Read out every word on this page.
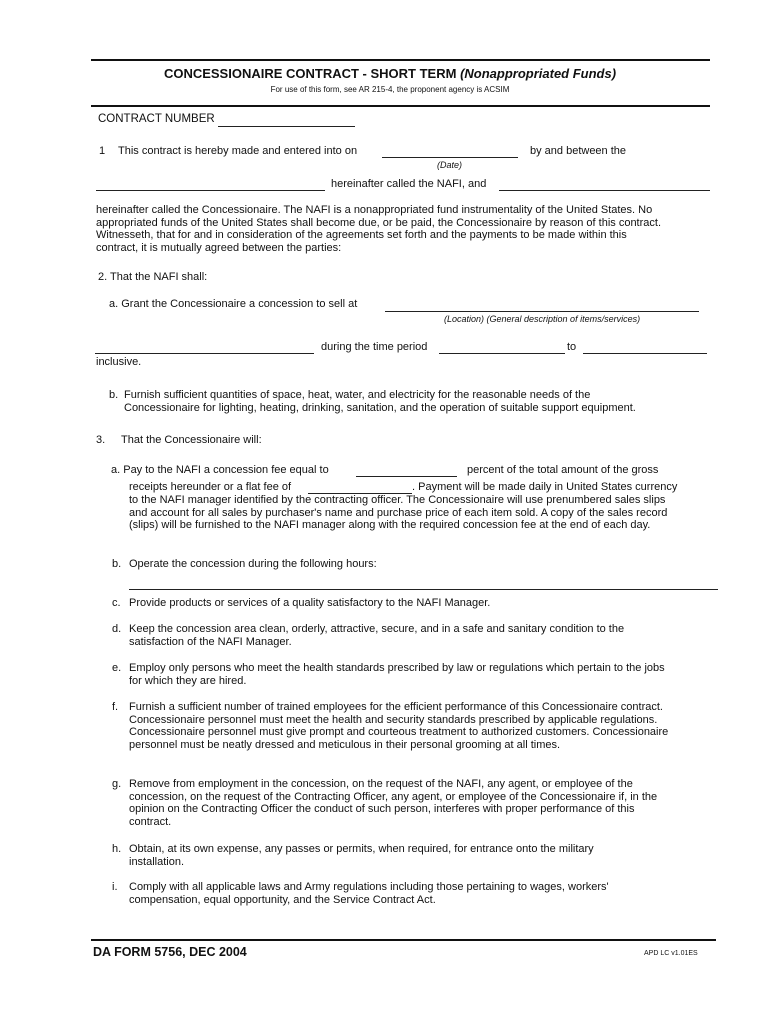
CONCESSIONAIRE CONTRACT - SHORT TERM (Nonappropriated Funds)
For use of this form, see AR 215-4, the proponent agency is ACSIM
CONTRACT NUMBER
1 This contract is hereby made and entered into on	by and between the
(Date)
hereinafter called the NAFI, and
hereinafter called the Concessionaire. The NAFI is a nonappropriated fund instrumentality of the United States. No appropriated funds of the United States shall become due, or be paid, the Concessionaire by reason of this contract. Witnesseth, that for and in consideration of the agreements set forth and the payments to be made within this contract, it is mutually agreed between the parties:
2. That the NAFI shall:
a. Grant the Concessionaire a concession to sell at
(Location) (General description of items/services)
during the time period	to
inclusive.
b. Furnish sufficient quantities of space, heat, water, and electricity for the reasonable needs of the Concessionaire for lighting, heating, drinking, sanitation, and the operation of suitable support equipment.
3. That the Concessionaire will:
a. Pay to the NAFI a concession fee equal to	percent of the total amount of the gross
receipts hereunder or a flat fee of	. Payment will be made daily in United States currency
to the NAFI manager identified by the contracting officer. The Concessionaire will use prenumbered sales slips and account for all sales by purchaser's name and purchase price of each item sold. A copy of the sales record (slips) will be furnished to the NAFI manager along with the required concession fee at the end of each day.
b. Operate the concession during the following hours:
c. Provide products or services of a quality satisfactory to the NAFI Manager.
d. Keep the concession area clean, orderly, attractive, secure, and in a safe and sanitary condition to the satisfaction of the NAFI Manager.
e. Employ only persons who meet the health standards prescribed by law or regulations which pertain to the jobs for which they are hired.
f. Furnish a sufficient number of trained employees for the efficient performance of this Concessionaire contract. Concessionaire personnel must meet the health and security standards prescribed by applicable regulations. Concessionaire personnel must give prompt and courteous treatment to authorized customers. Concessionaire personnel must be neatly dressed and meticulous in their personal grooming at all times.
g. Remove from employment in the concession, on the request of the NAFI, any agent, or employee of the concession, on the request of the Contracting Officer, any agent, or employee of the Concessionaire if, in the opinion on the Contracting Officer the conduct of such person, interferes with proper performance of this contract.
h. Obtain, at its own expense, any passes or permits, when required, for entrance onto the military installation.
i. Comply with all applicable laws and Army regulations including those pertaining to wages, workers' compensation, equal opportunity, and the Service Contract Act.
DA FORM 5756, DEC 2004	APD LC v1.01ES
